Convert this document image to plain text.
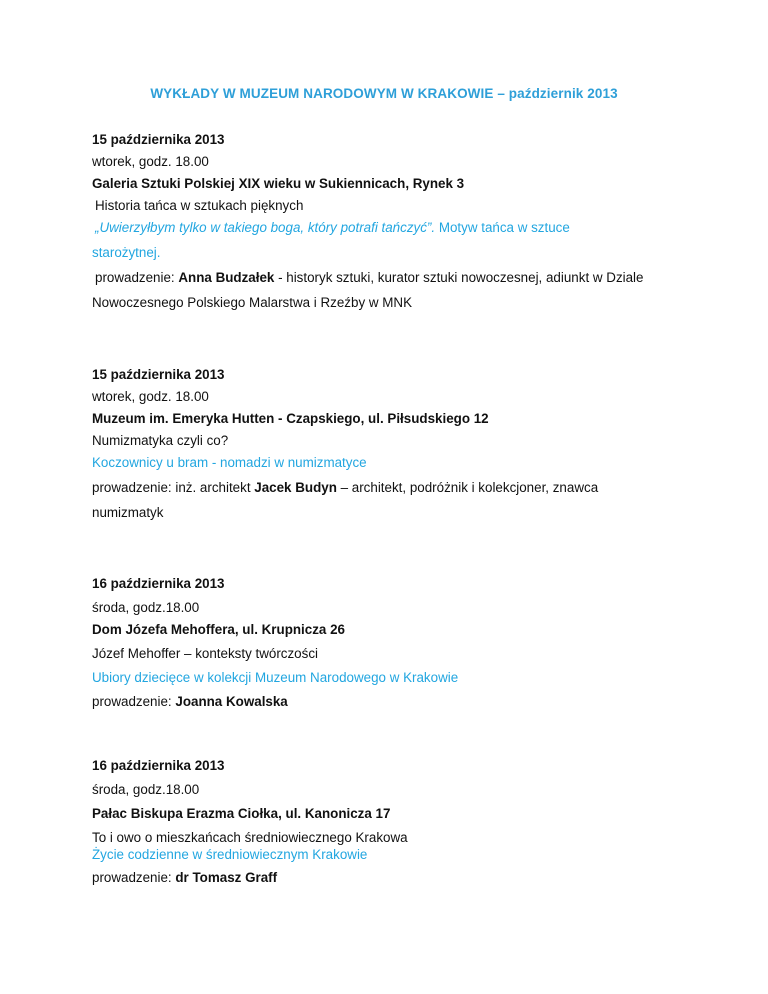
WYKŁADY W MUZEUM NARODOWYM W KRAKOWIE – październik 2013
15 października 2013
wtorek, godz. 18.00
Galeria Sztuki Polskiej XIX wieku w Sukiennicach, Rynek 3
Historia tańca w sztukach pięknych
„Uwierzyłbym tylko w takiego boga, który potrafi tańczyć”. Motyw tańca w sztuce
starożytnej.
prowadzenie: Anna Budzałek - historyk sztuki, kurator sztuki nowoczesnej, adiunkt w Dziale
Nowoczesnego Polskiego Malarstwa i Rzeźby w MNK
15 października 2013
wtorek, godz. 18.00
Muzeum im. Emeryka Hutten - Czapskiego, ul. Piłsudskiego 12
Numizmatyka czyli co?
Koczownicy u bram - nomadzi w numizmatyce
prowadzenie: inż. architekt Jacek Budyn – architekt, podróżnik i kolekcjoner, znawca
numizmatyk
16 października 2013
środa, godz.18.00
Dom Józefa Mehoffera, ul. Krupnicza 26
Józef Mehoffer – konteksty twórczości
Ubiory dziecięce w kolekcji Muzeum Narodowego w Krakowie
prowadzenie: Joanna Kowalska
16 października 2013
środa, godz.18.00
Pałac Biskupa Erazma Ciołka, ul. Kanonicza 17
To i owo o mieszkańcach średniowiecznego Krakowa
Życie codzienne w średniowiecznym Krakowie
prowadzenie: dr Tomasz Graff
